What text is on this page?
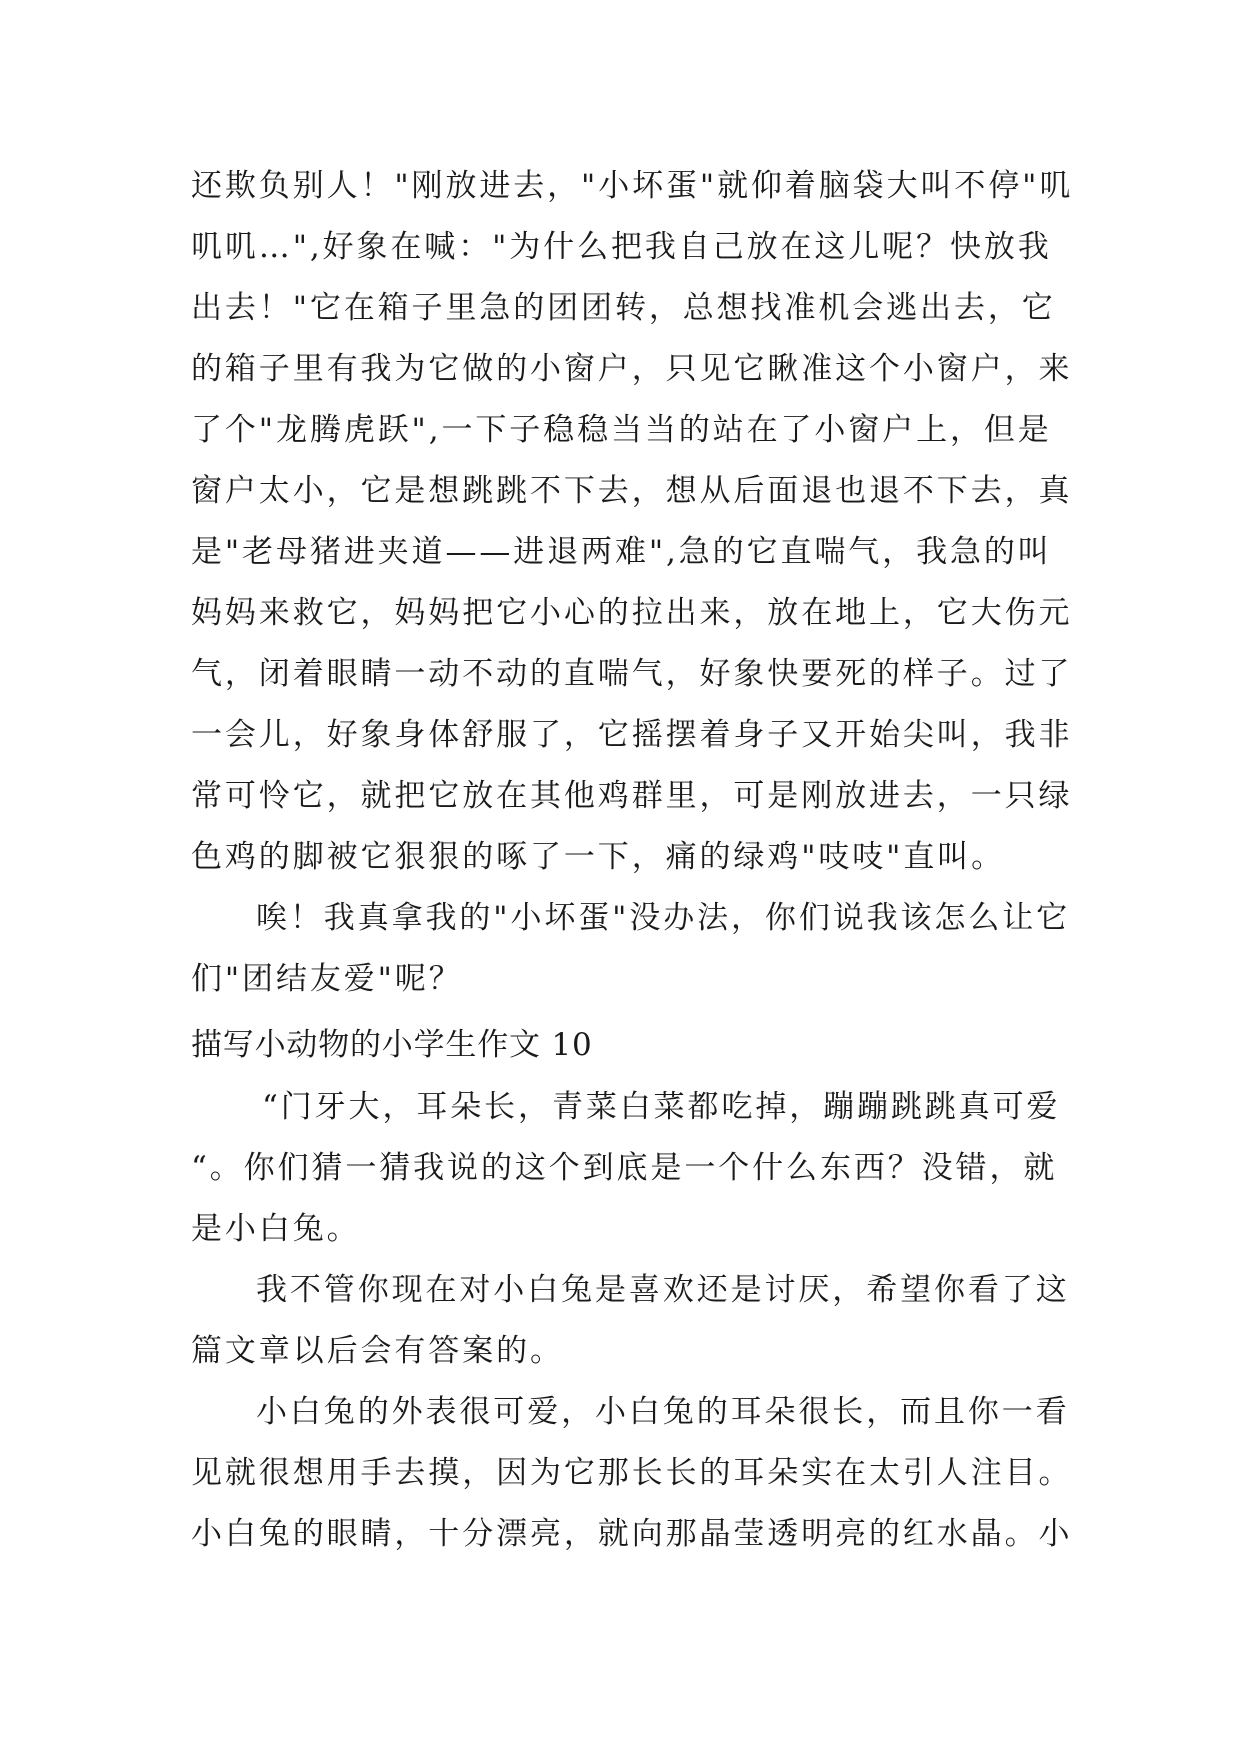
还欺负别人！"刚放进去，"小坏蛋"就仰着脑袋大叫不停"叽
叽叽…",好象在喊："为什么把我自己放在这儿呢？快放我
出去！"它在箱子里急的团团转，总想找准机会逃出去，它
的箱子里有我为它做的小窗户，只见它瞅准这个小窗户，来
了个"龙腾虎跃",一下子稳稳当当的站在了小窗户上，但是
窗户太小，它是想跳跳不下去，想从后面退也退不下去，真
是"老母猪进夹道——进退两难",急的它直喘气，我急的叫
妈妈来救它，妈妈把它小心的拉出来，放在地上，它大伤元
气，闭着眼睛一动不动的直喘气，好象快要死的样子。过了
一会儿，好象身体舒服了，它摇摆着身子又开始尖叫，我非
常可怜它，就把它放在其他鸡群里，可是刚放进去，一只绿
色鸡的脚被它狠狠的啄了一下，痛的绿鸡"吱吱"直叫。
唉！我真拿我的"小坏蛋"没办法，你们说我该怎么让它
们"团结友爱"呢？
描写小动物的小学生作文 10
“门牙大，耳朵长，青菜白菜都吃掉，蹦蹦跳跳真可爱
“。你们猜一猜我说的这个到底是一个什么东西？没错，就
是小白兔。
我不管你现在对小白兔是喜欢还是讨厌，希望你看了这
篇文章以后会有答案的。
小白兔的外表很可爱，小白兔的耳朵很长，而且你一看
见就很想用手去摸，因为它那长长的耳朵实在太引人注目。
小白兔的眼睛，十分漂亮，就向那晶莹透明亮的红水晶。小
